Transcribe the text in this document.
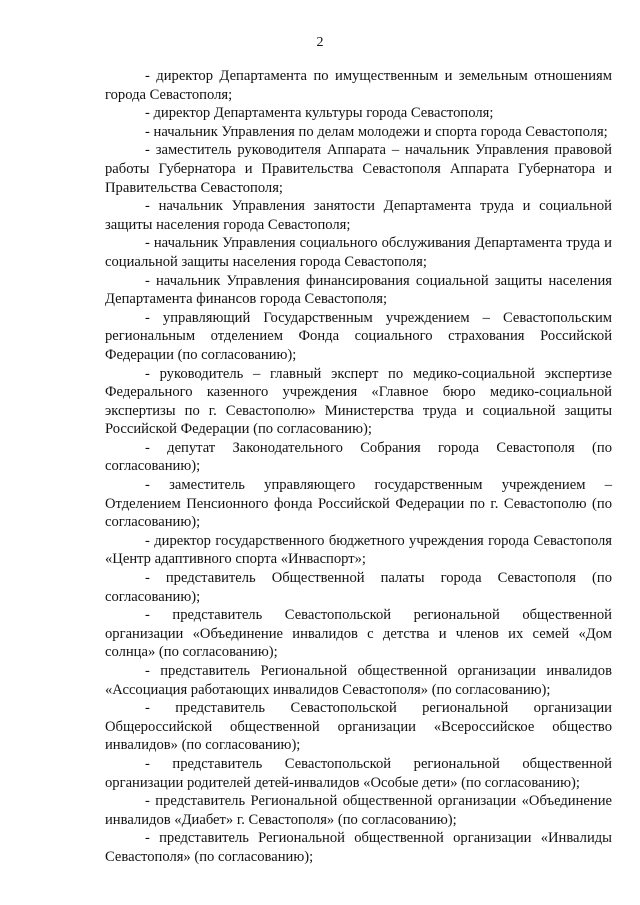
2

- директор Департамента по имущественным и земельным отношениям города Севастополя;

- директор Департамента культуры города Севастополя;

- начальник Управления по делам молодежи и спорта города Севастополя;

- заместитель руководителя Аппарата – начальник Управления правовой работы Губернатора и Правительства Севастополя Аппарата Губернатора и Правительства Севастополя;

- начальник Управления занятости Департамента труда и социальной защиты населения города Севастополя;

- начальник Управления социального обслуживания Департамента труда и социальной защиты населения города Севастополя;

- начальник Управления финансирования социальной защиты населения Департамента финансов города Севастополя;

- управляющий Государственным учреждением – Севастопольским региональным отделением Фонда социального страхования Российской Федерации (по согласованию);

- руководитель – главный эксперт по медико-социальной экспертизе Федерального казенного учреждения «Главное бюро медико-социальной экспертизы по г. Севастополю» Министерства труда и социальной защиты Российской Федерации (по согласованию);

- депутат Законодательного Собрания города Севастополя (по согласованию);

- заместитель управляющего государственным учреждением – Отделением Пенсионного фонда Российской Федерации по г. Севастополю (по согласованию);

- директор государственного бюджетного учреждения города Севастополя «Центр адаптивного спорта «Инваспорт»;

- представитель Общественной палаты города Севастополя (по согласованию);

- представитель Севастопольской региональной общественной организации «Объединение инвалидов с детства и членов их семей «Дом солнца» (по согласованию);

- представитель Региональной общественной организации инвалидов «Ассоциация работающих инвалидов Севастополя» (по согласованию);

- представитель Севастопольской региональной организации Общероссийской общественной организации «Всероссийское общество инвалидов» (по согласованию);

- представитель Севастопольской региональной общественной организации родителей детей-инвалидов «Особые дети» (по согласованию);

- представитель Региональной общественной организации «Объединение инвалидов «Диабет» г. Севастополя» (по согласованию);

- представитель Региональной общественной организации «Инвалиды Севастополя» (по согласованию);
